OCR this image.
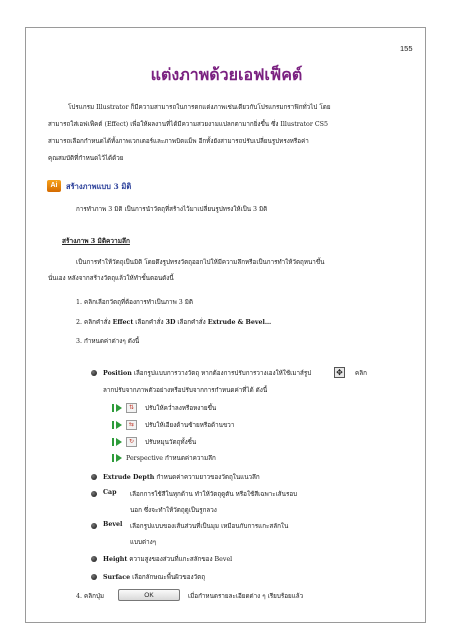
155
แต่งภาพด้วยเอฟเฟ็คต์
โปรแกรม Illustrator ก็มีความสามารถในการตกแต่งภาพเช่นเดียวกับโปรแกรมกราฟิกทั่วไป โดย
สามารถใส่เอฟเฟ็คต์ (Effect) เพื่อให้ผลงานที่ได้มีความสวยงามแปลกตามากยิ่งขึ้น ซึ่ง Illustrator CS5
สามารถเลือกกำหนดได้ทั้งภาพเวกเตอร์และภาพบิตแม็พ อีกทั้งยังสามารถปรับเปลี่ยนรูปทรงหรือค่า
คุณสมบัติที่กำหนดไว้ได้ด้วย
Ai	สร้างภาพแบบ 3 มิติ
การทำภาพ 3 มิติ เป็นการนำวัตถุที่สร้างไว้มาเปลี่ยนรูปทรงให้เป็น 3 มิติ
สร้างภาพ 3 มิติความลึก
เป็นการทำให้วัตถุเป็นมิติ โดยดึงรูปทรงวัตถุออกไปให้มีความลึกหรือเป็นการทำให้วัตถุหนาขึ้น
นั่นเอง หลังจากสร้างวัตถุแล้วให้ทำขั้นตอนดังนี้
1. คลิกเลือกวัตถุที่ต้องการทำเป็นภาพ 3 มิติ
2. คลิกคำสั่ง Effect เลือกคำสั่ง 3D เลือกคำสั่ง Extrude & Bevel…
3. กำหนดค่าต่างๆ ดังนี้
Position เลือกรูปแบบการวางวัตถุ หากต้องการปรับการวางเองให้ใช้เมาส์รูป	✥	คลิก
ลากปรับจากภาพตัวอย่างหรือปรับจากการกำหนดค่าที่ได้ ดังนี้
⇅	ปรับให้คว่ำลงหรือหงายขึ้น
⇆	ปรับให้เอียงด้านซ้ายหรือด้านขวา
↻	ปรับหมุนวัตถุทั้งชิ้น
Perspective กำหนดค่าความลึก
Extrude Depth กำหนดค่าความยาวของวัตถุในแนวลึก
Cap เลือกการใช้สีในทุกด้าน ทำให้วัตถุดูตัน หรือใช้สีเฉพาะเส้นรอบ
นอก ซึ่งจะทำให้วัตถุดูเป็นรูกลวง
Bevel เลือกรูปแบบของเส้นส่วนที่เป็นมุม เหมือนกับการแกะสลักใน
แบบต่างๆ
Height ความสูงของส่วนที่แกะสลักของ Bevel
Surface เลือกลักษณะพื้นผิวของวัตถุ
4. คลิกปุ่ม	OK	เมื่อกำหนดรายละเอียดต่าง ๆ เรียบร้อยแล้ว
